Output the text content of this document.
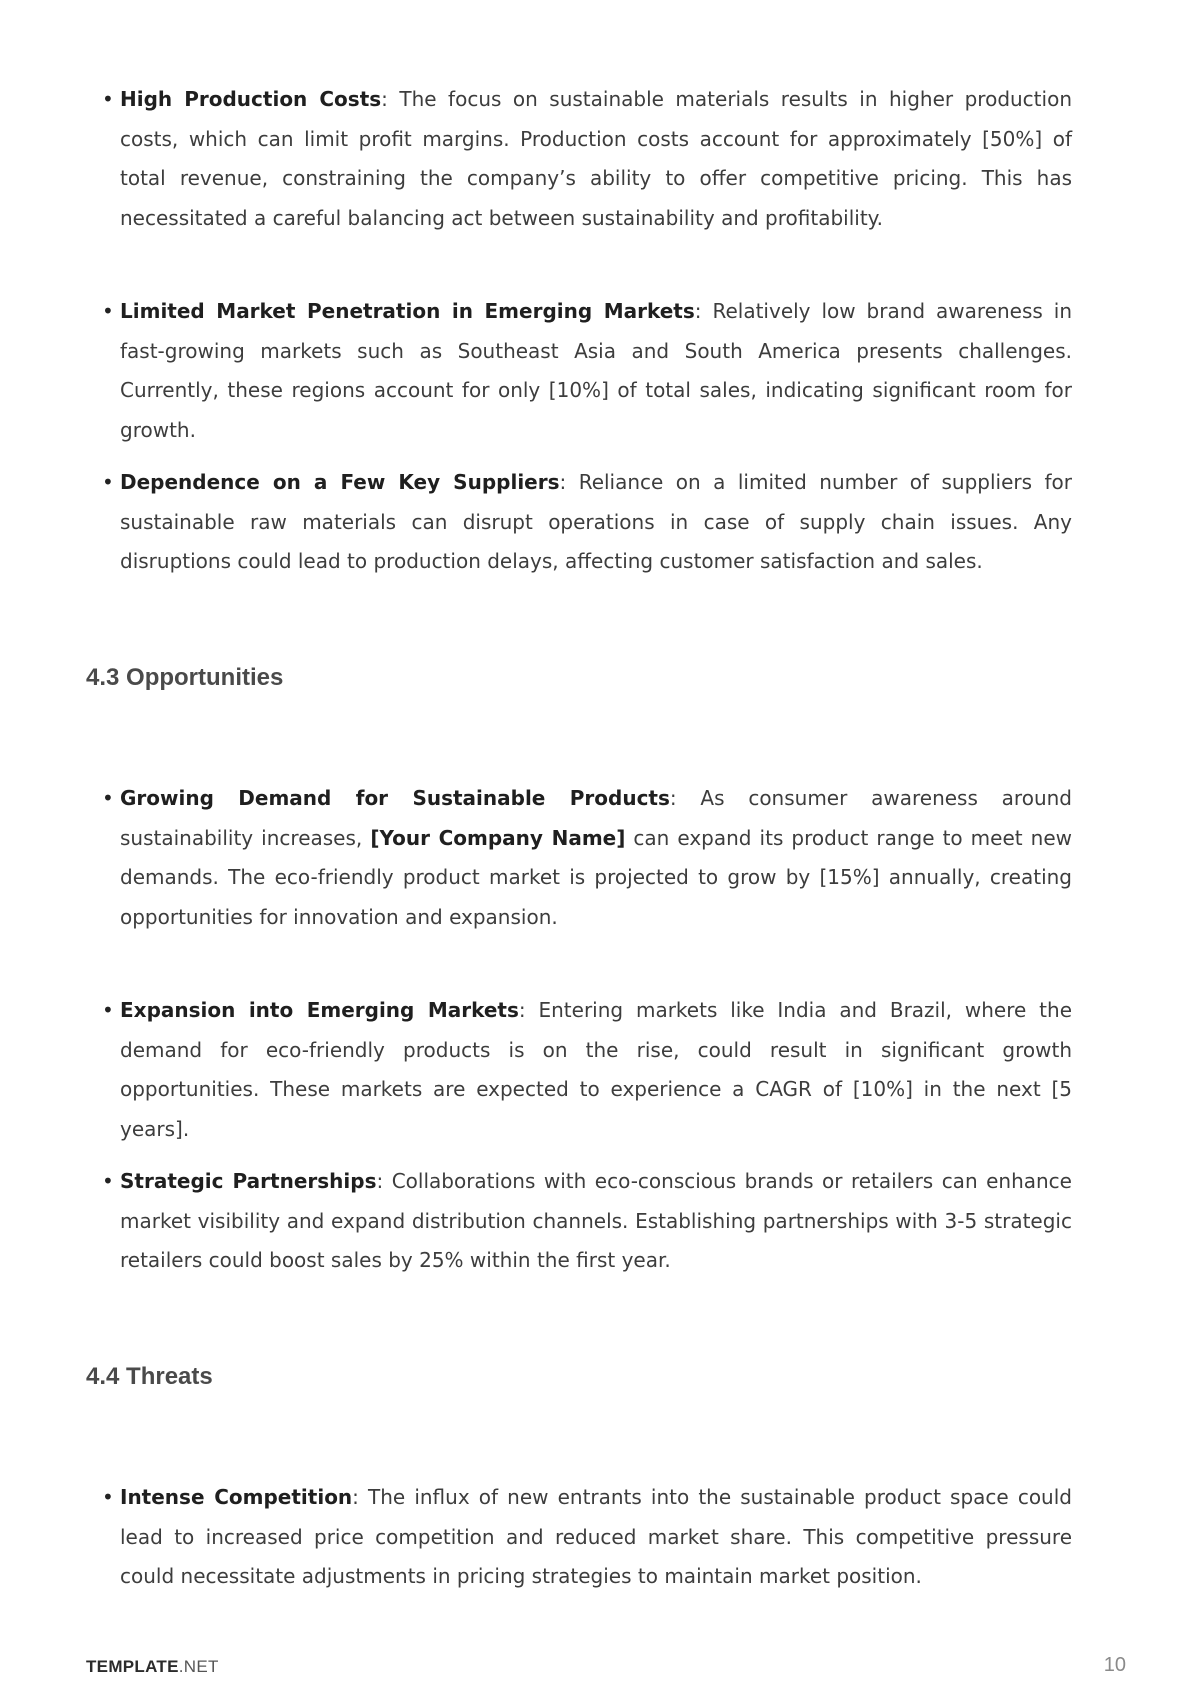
• High Production Costs: The focus on sustainable materials results in higher production costs, which can limit profit margins. Production costs account for approximately [50%] of total revenue, constraining the company’s ability to offer competitive pricing. This has necessitated a careful balancing act between sustainability and profitability.
• Limited Market Penetration in Emerging Markets: Relatively low brand awareness in fast-growing markets such as Southeast Asia and South America presents challenges. Currently, these regions account for only [10%] of total sales, indicating significant room for growth.
• Dependence on a Few Key Suppliers: Reliance on a limited number of suppliers for sustainable raw materials can disrupt operations in case of supply chain issues. Any disruptions could lead to production delays, affecting customer satisfaction and sales.
4.3 Opportunities
• Growing Demand for Sustainable Products: As consumer awareness around sustainability increases, [Your Company Name] can expand its product range to meet new demands. The eco-friendly product market is projected to grow by [15%] annually, creating opportunities for innovation and expansion.
• Expansion into Emerging Markets: Entering markets like India and Brazil, where the demand for eco-friendly products is on the rise, could result in significant growth opportunities. These markets are expected to experience a CAGR of [10%] in the next [5 years].
• Strategic Partnerships: Collaborations with eco-conscious brands or retailers can enhance market visibility and expand distribution channels. Establishing partnerships with 3-5 strategic retailers could boost sales by 25% within the first year.
4.4 Threats
• Intense Competition: The influx of new entrants into the sustainable product space could lead to increased price competition and reduced market share. This competitive pressure could necessitate adjustments in pricing strategies to maintain market position.
TEMPLATE.NET	10
